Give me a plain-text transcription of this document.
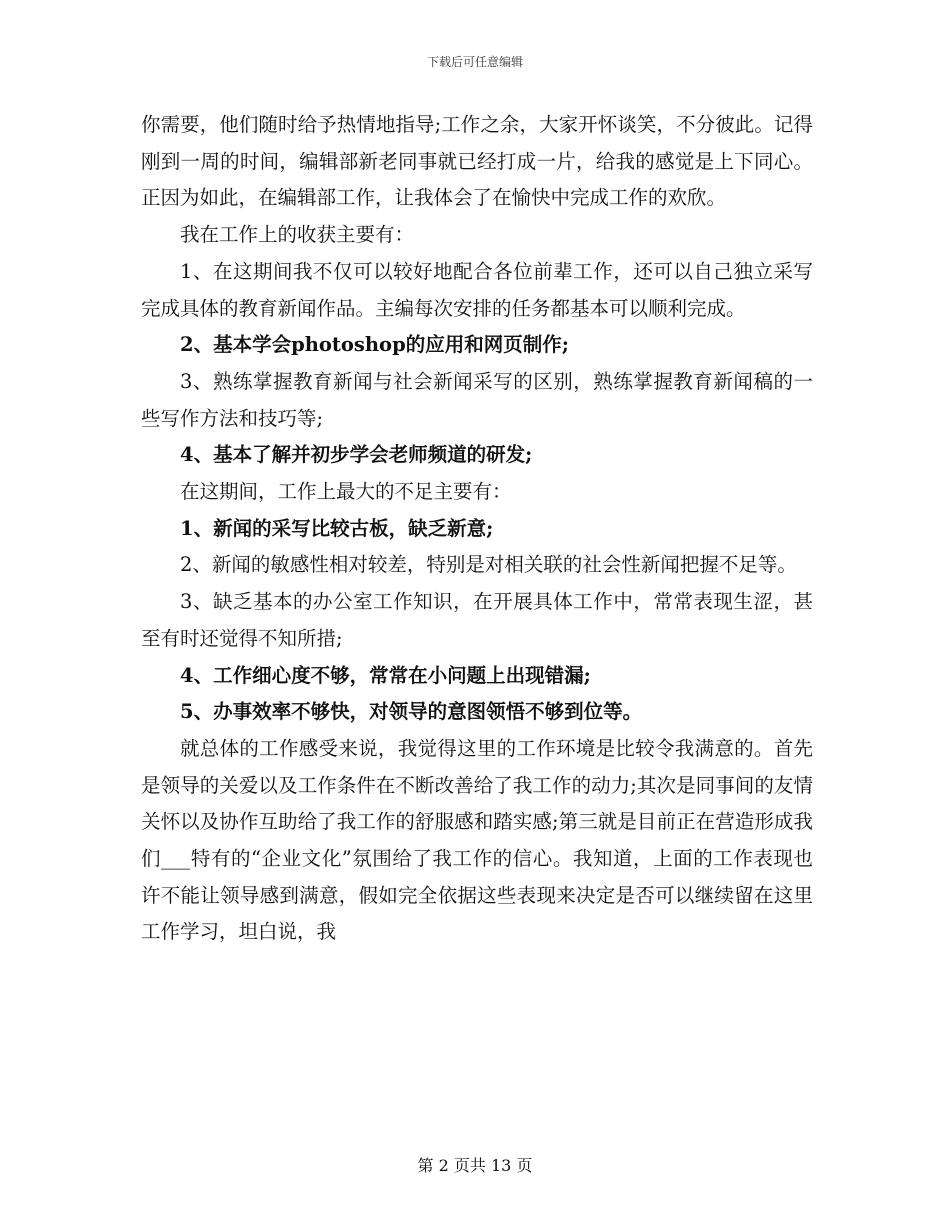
下载后可任意编辑

你需要，他们随时给予热情地指导;工作之余，大家开怀谈笑，不分彼此。记得刚到一周的时间，编辑部新老同事就已经打成一片，给我的感觉是上下同心。正因为如此，在编辑部工作，让我体会了在愉快中完成工作的欢欣。

我在工作上的收获主要有：

1、在这期间我不仅可以较好地配合各位前辈工作，还可以自己独立采写完成具体的教育新闻作品。主编每次安排的任务都基本可以顺利完成。

2、基本学会photoshop的应用和网页制作;

3、熟练掌握教育新闻与社会新闻采写的区别，熟练掌握教育新闻稿的一些写作方法和技巧等;

4、基本了解并初步学会老师频道的研发;

在这期间，工作上最大的不足主要有：

1、新闻的采写比较古板，缺乏新意;

2、新闻的敏感性相对较差，特别是对相关联的社会性新闻把握不足等。

3、缺乏基本的办公室工作知识，在开展具体工作中，常常表现生涩，甚至有时还觉得不知所措;

4、工作细心度不够，常常在小问题上出现错漏;

5、办事效率不够快，对领导的意图领悟不够到位等。

就总体的工作感受来说，我觉得这里的工作环境是比较令我满意的。首先是领导的关爱以及工作条件在不断改善给了我工作的动力;其次是同事间的友情关怀以及协作互助给了我工作的舒服感和踏实感;第三就是目前正在营造形成我们___特有的“企业文化”氛围给了我工作的信心。我知道，上面的工作表现也许不能让领导感到满意，假如完全依据这些表现来决定是否可以继续留在这里工作学习，坦白说，我

第 2 页共 13 页
